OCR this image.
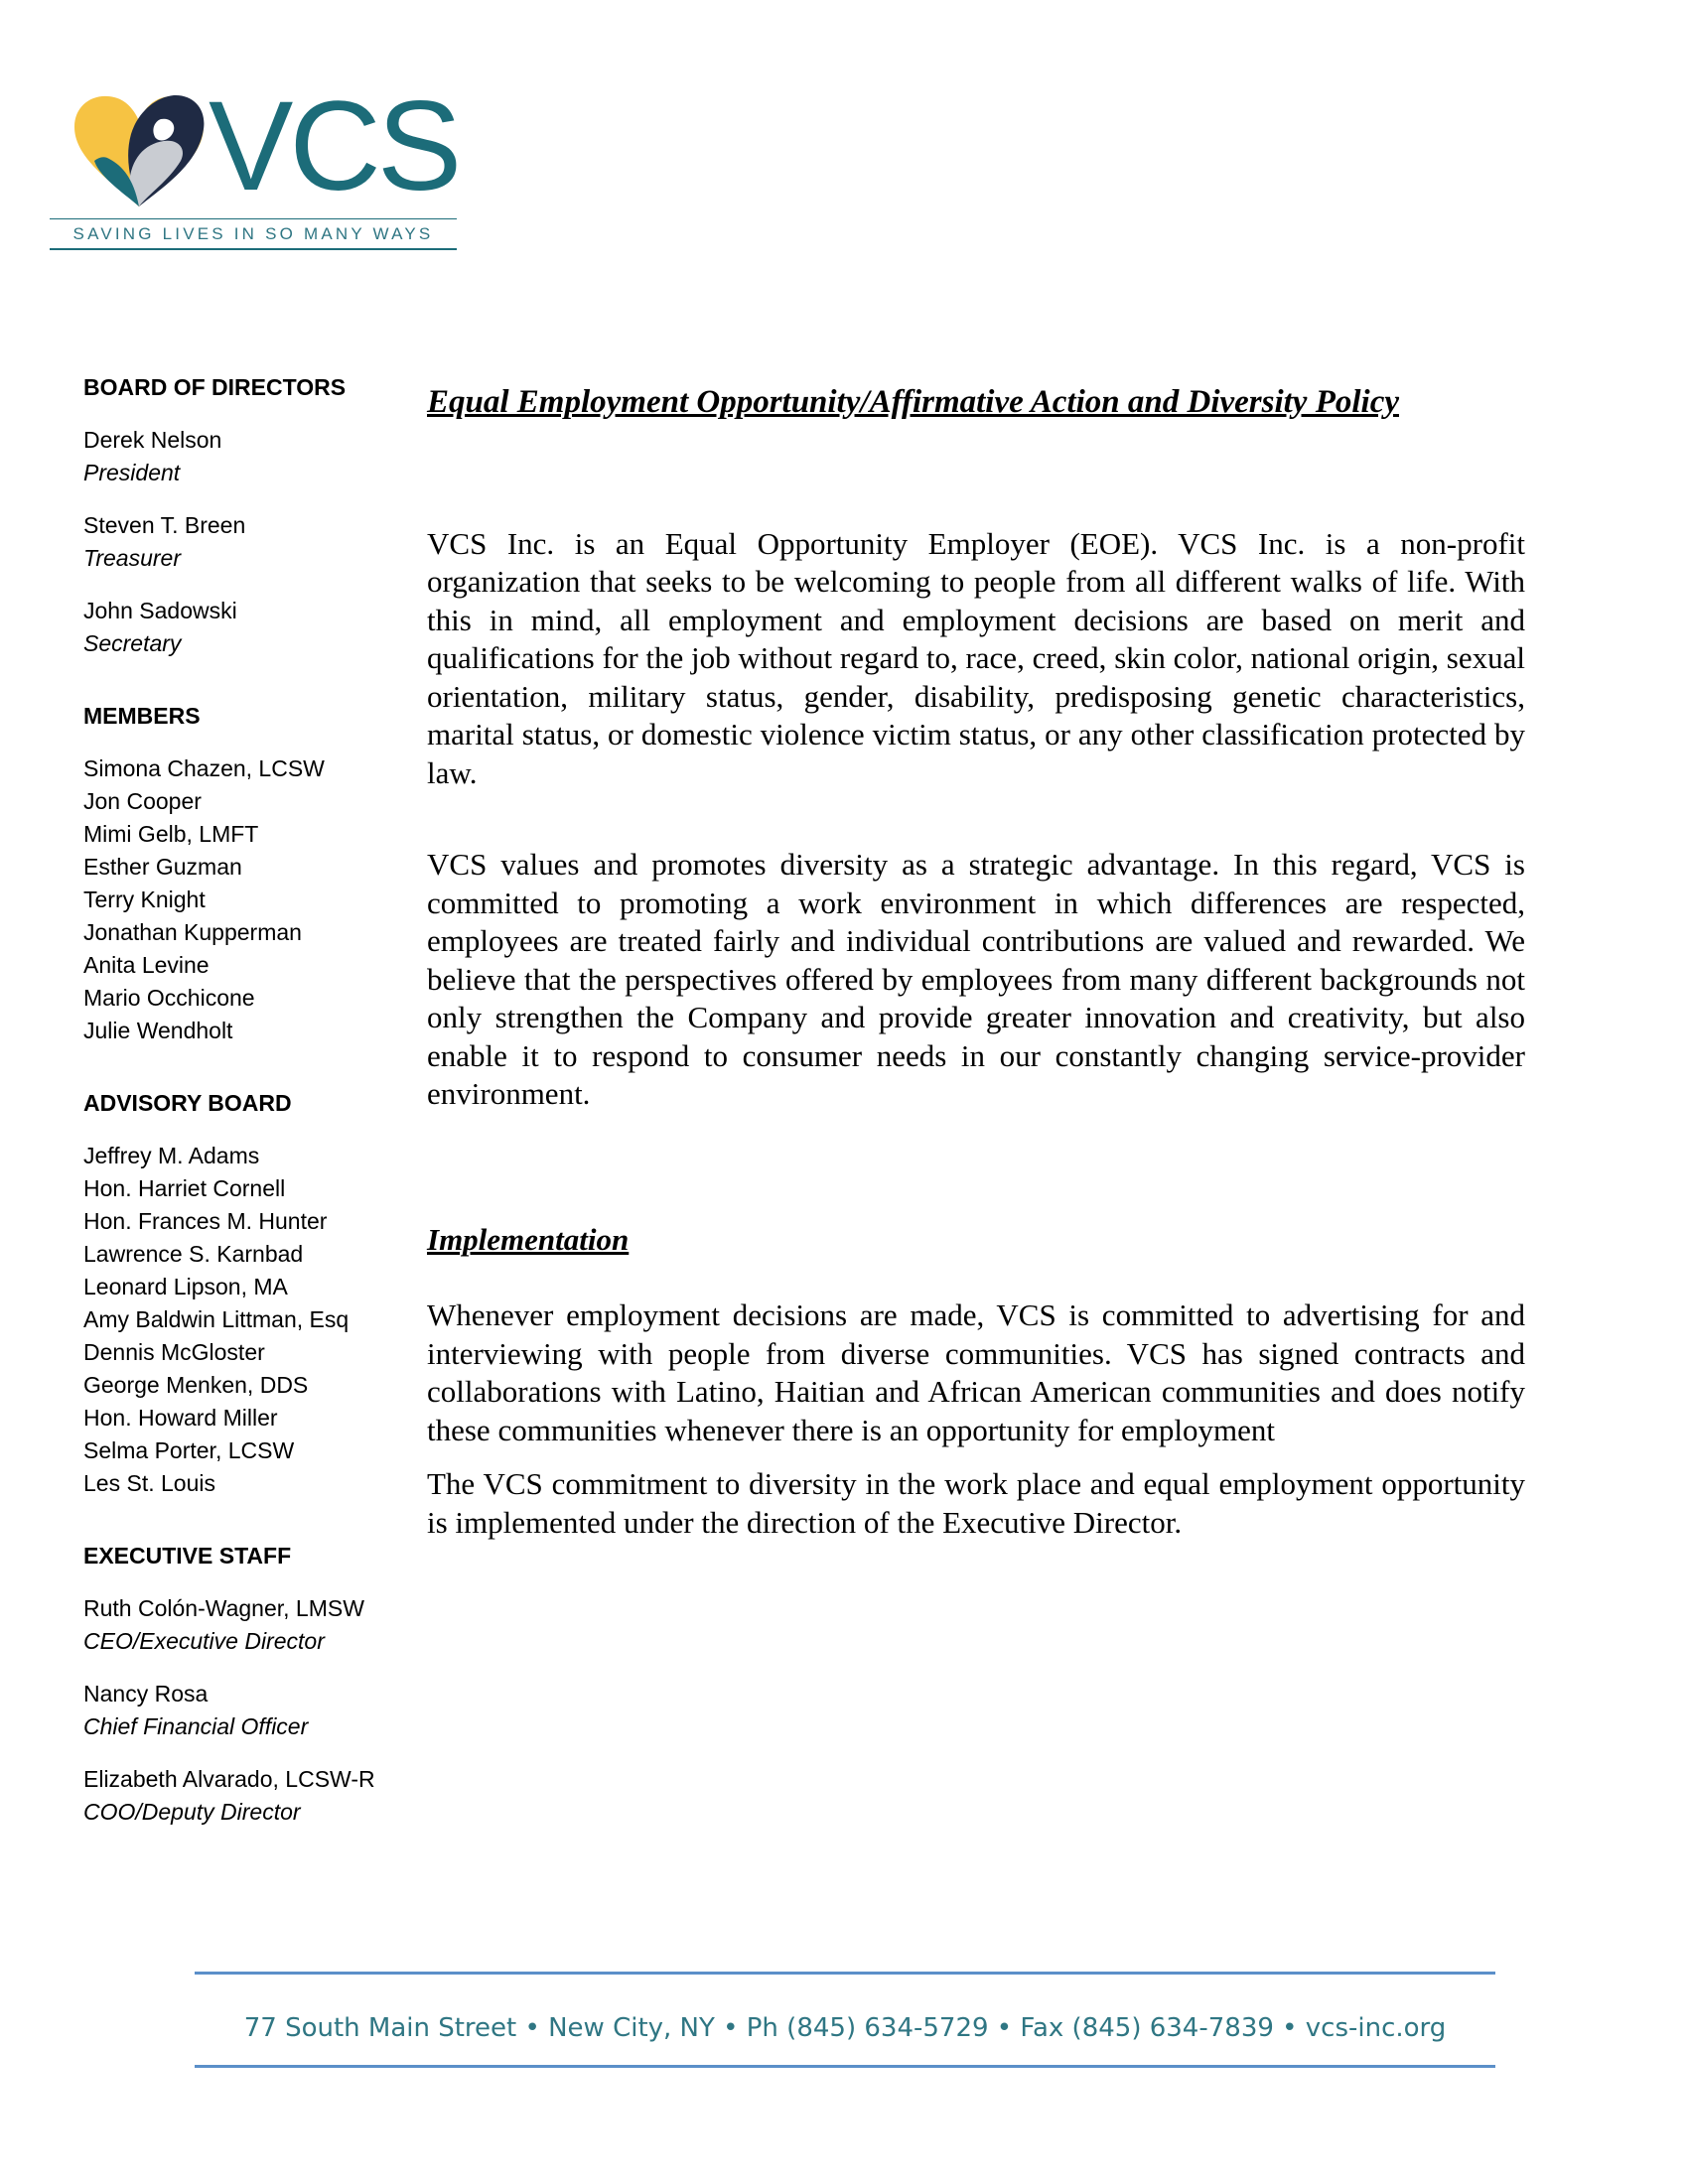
VCS
SAVING LIVES IN SO MANY WAYS
BOARD OF DIRECTORS
Derek Nelson
President
Steven T. Breen
Treasurer
John Sadowski
Secretary
MEMBERS
Simona Chazen, LCSW
Jon Cooper
Mimi Gelb, LMFT
Esther Guzman
Terry Knight
Jonathan Kupperman
Anita Levine
Mario Occhicone
Julie Wendholt
ADVISORY BOARD
Jeffrey M. Adams
Hon. Harriet Cornell
Hon. Frances M. Hunter
Lawrence S. Karnbad
Leonard Lipson, MA
Amy Baldwin Littman, Esq
Dennis McGloster
George Menken, DDS
Hon. Howard Miller
Selma Porter, LCSW
Les St. Louis
EXECUTIVE STAFF
Ruth Colón-Wagner, LMSW
CEO/Executive Director
Nancy Rosa
Chief Financial Officer
Elizabeth Alvarado, LCSW-R
COO/Deputy Director
Equal Employment Opportunity/Affirmative Action and Diversity Policy

VCS Inc. is an Equal Opportunity Employer (EOE). VCS Inc. is a non-profit organization that seeks to be welcoming to people from all different walks of life. With this in mind, all employment and employment decisions are based on merit and qualifications for the job without regard to, race, creed, skin color, national origin, sexual orientation, military status, gender, disability, predisposing genetic characteristics, marital status, or domestic violence victim status, or any other classification protected by law.

VCS values and promotes diversity as a strategic advantage. In this regard, VCS is committed to promoting a work environment in which differences are respected, employees are treated fairly and individual contributions are valued and rewarded. We believe that the perspectives offered by employees from many different backgrounds not only strengthen the Company and provide greater innovation and creativity, but also enable it to respond to consumer needs in our constantly changing service-provider environment.

Implementation

Whenever employment decisions are made, VCS is committed to advertising for and interviewing with people from diverse communities. VCS has signed contracts and collaborations with Latino, Haitian and African American communities and does notify these communities whenever there is an opportunity for employment

The VCS commitment to diversity in the work place and equal employment opportunity is implemented under the direction of the Executive Director.

77 South Main Street • New City, NY • Ph (845) 634-5729 • Fax (845) 634-7839 • vcs-inc.org
